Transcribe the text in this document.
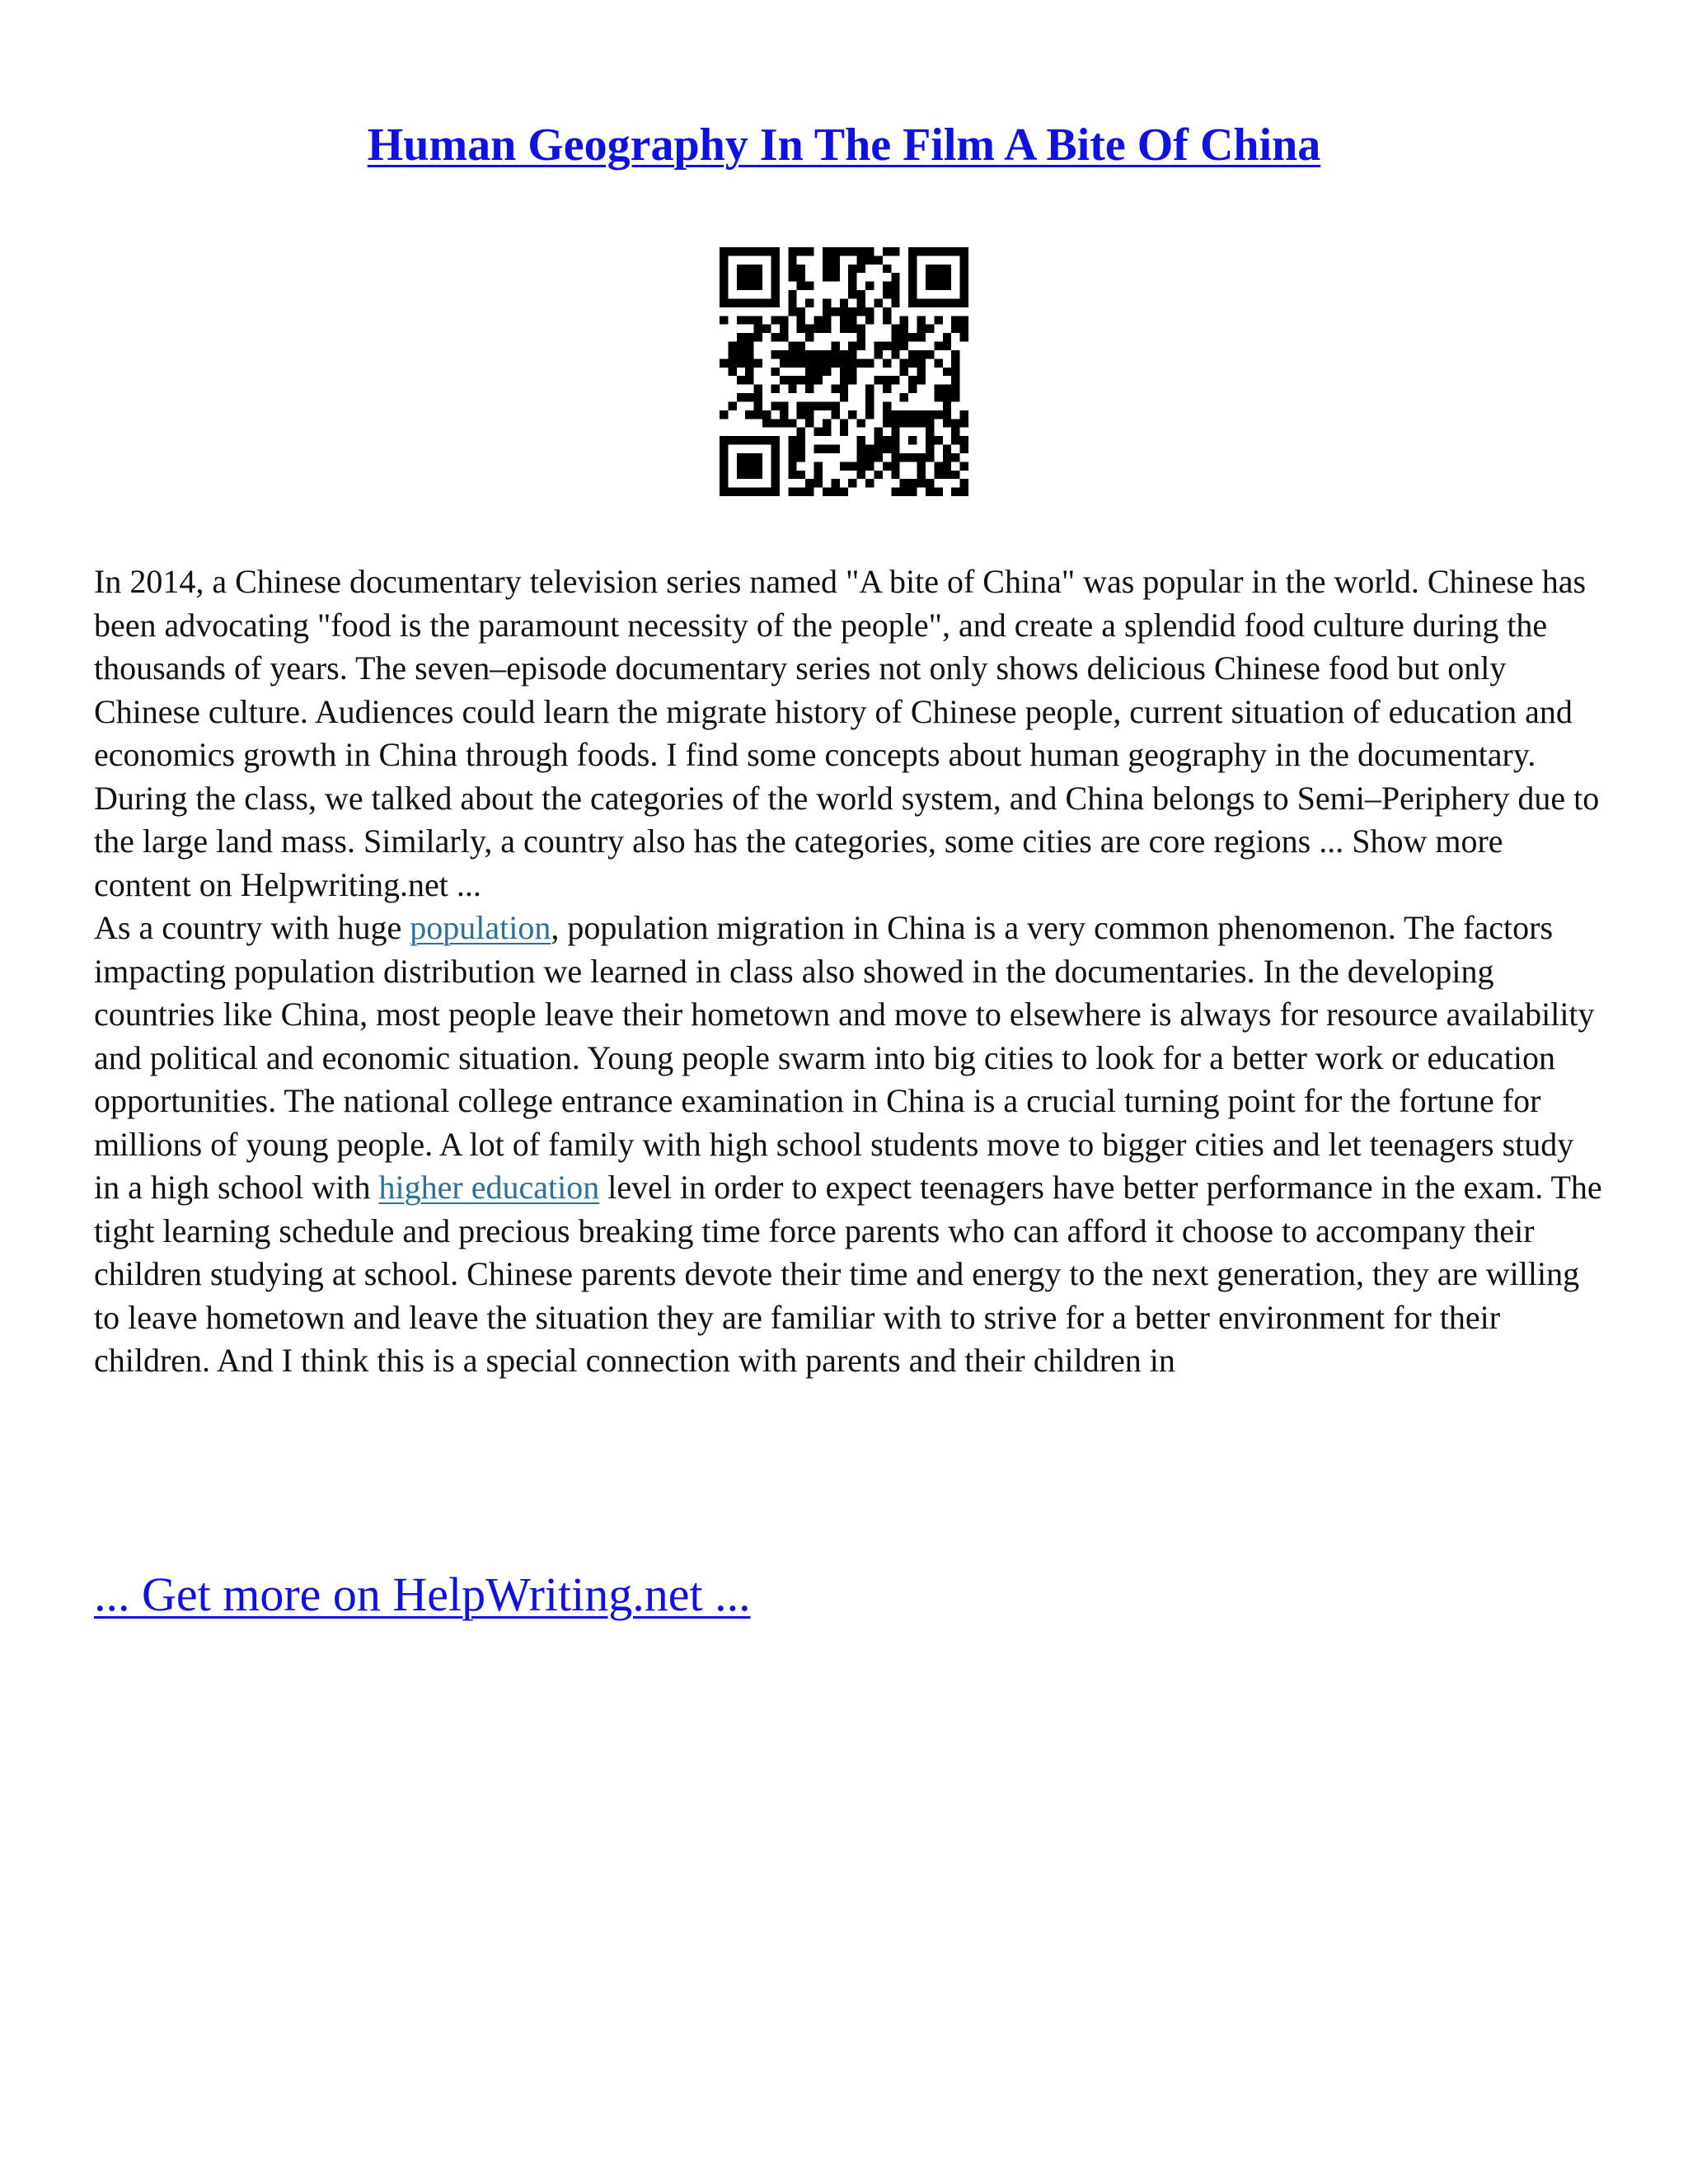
Human Geography In The Film A Bite Of China

In 2014, a Chinese documentary television series named "A bite of China" was popular in the world. Chinese has been advocating "food is the paramount necessity of the people", and create a splendid food culture during the thousands of years. The seven–episode documentary series not only shows delicious Chinese food but only Chinese culture. Audiences could learn the migrate history of Chinese people, current situation of education and economics growth in China through foods. I find some concepts about human geography in the documentary.

During the class, we talked about the categories of the world system, and China belongs to Semi–Periphery due to the large land mass. Similarly, a country also has the categories, some cities are core regions ... Show more content on Helpwriting.net ...

As a country with huge population, population migration in China is a very common phenomenon. The factors impacting population distribution we learned in class also showed in the documentaries. In the developing countries like China, most people leave their hometown and move to elsewhere is always for resource availability and political and economic situation. Young people swarm into big cities to look for a better work or education opportunities. The national college entrance examination in China is a crucial turning point for the fortune for millions of young people. A lot of family with high school students move to bigger cities and let teenagers study in a high school with higher education level in order to expect teenagers have better performance in the exam. The tight learning schedule and precious breaking time force parents who can afford it choose to accompany their children studying at school. Chinese parents devote their time and energy to the next generation, they are willing to leave hometown and leave the situation they are familiar with to strive for a better environment for their children. And I think this is a special connection with parents and their children in

... Get more on HelpWriting.net ...
